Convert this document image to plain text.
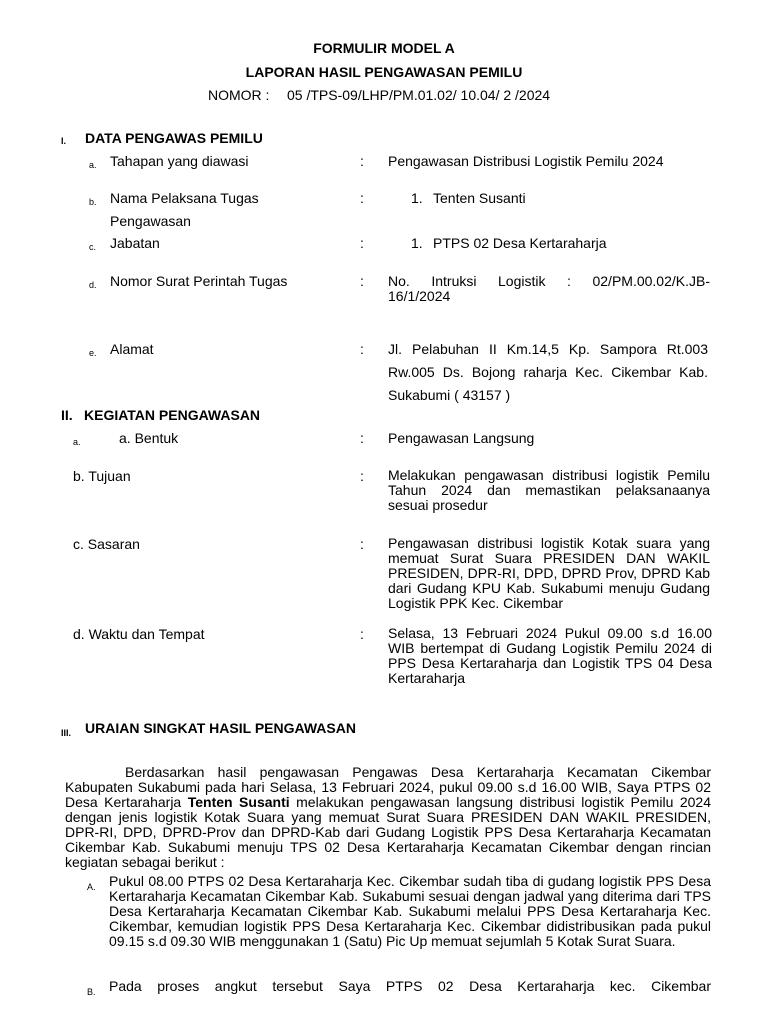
FORMULIR MODEL A
LAPORAN HASIL PENGAWASAN PEMILU
NOMOR : 05 /TPS-09/LHP/PM.01.02/ 10.04/ 2 /2024
I. DATA PENGAWAS PEMILU
a. Tahapan yang diawasi	: Pengawasan Distribusi Logistik Pemilu 2024
b. Nama Pelaksana Tugas
Pengawasan
:	1. Tenten Susanti
c. Jabatan	:	1. PTPS 02 Desa Kertaraharja
d. Nomor Surat Perintah Tugas	: No. Intruksi Logistik : 02/PM.00.02/K.JB-
16/1/2024
e. Alamat	: Jl. Pelabuhan II Km.14,5 Kp. Sampora Rt.003
Rw.005 Ds. Bojong raharja Kec. Cikembar Kab.
Sukabumi ( 43157 )
II. KEGIATAN PENGAWASAN
a.	a. Bentuk	: Pengawasan Langsung
b. Tujuan	: Melakukan pengawasan distribusi logistik Pemilu Tahun 2024 dan memastikan pelaksanaanya sesuai prosedur
c. Sasaran	: Pengawasan distribusi logistik Kotak suara yang memuat Surat Suara PRESIDEN DAN WAKIL PRESIDEN, DPR-RI, DPD, DPRD Prov, DPRD Kab dari Gudang KPU Kab. Sukabumi menuju Gudang Logistik PPK Kec. Cikembar
d. Waktu dan Tempat	: Selasa, 13 Februari 2024 Pukul 09.00 s.d 16.00 WIB bertempat di Gudang Logistik Pemilu 2024 di PPS Desa Kertaraharja dan Logistik TPS 04 Desa Kertaraharja
III. URAIAN SINGKAT HASIL PENGAWASAN
Berdasarkan hasil pengawasan Pengawas Desa Kertaraharja Kecamatan Cikembar Kabupaten Sukabumi pada hari Selasa, 13 Februari 2024, pukul 09.00 s.d 16.00 WIB, Saya PTPS 02 Desa Kertaraharja Tenten Susanti melakukan pengawasan langsung distribusi logistik Pemilu 2024 dengan jenis logistik Kotak Suara yang memuat Surat Suara PRESIDEN DAN WAKIL PRESIDEN, DPR-RI, DPD, DPRD-Prov dan DPRD-Kab dari Gudang Logistik PPS Desa Kertaraharja Kecamatan Cikembar Kab. Sukabumi menuju TPS 02 Desa Kertaraharja Kecamatan Cikembar dengan rincian kegiatan sebagai berikut :
A. Pukul 08.00 PTPS 02 Desa Kertaraharja Kec. Cikembar sudah tiba di gudang logistik PPS Desa Kertaraharja Kecamatan Cikembar Kab. Sukabumi sesuai dengan jadwal yang diterima dari TPS Desa Kertaraharja Kecamatan Cikembar Kab. Sukabumi melalui PPS Desa Kertaraharja Kec. Cikembar, kemudian logistik PPS Desa Kertaraharja Kec. Cikembar didistribusikan pada pukul 09.15 s.d 09.30 WIB menggunakan 1 (Satu) Pic Up memuat sejumlah 5 Kotak Surat Suara.
B. Pada proses angkut tersebut Saya PTPS 02 Desa Kertaraharja kec. Cikembar
